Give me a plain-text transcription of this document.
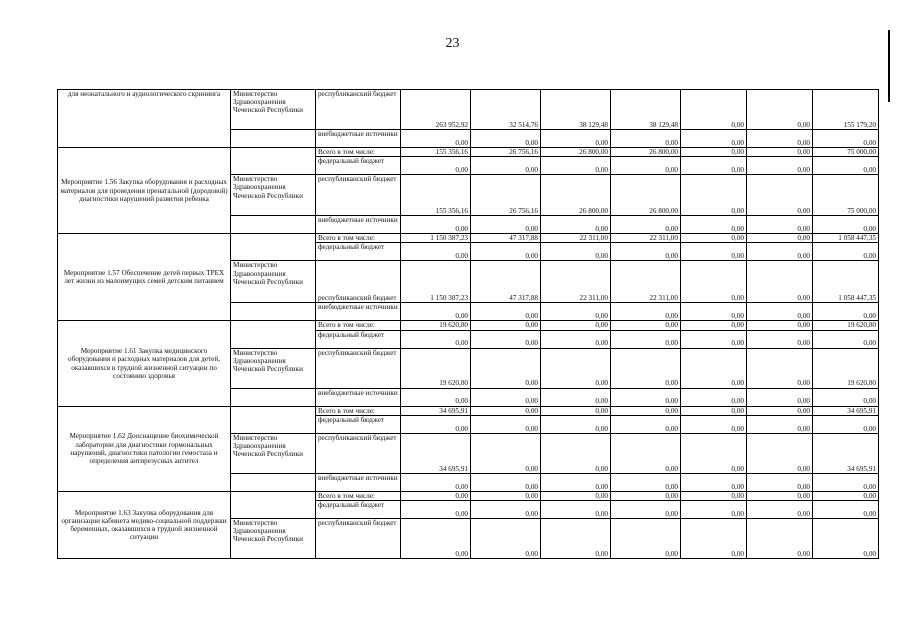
23
для неонатального и аудиологического скрининга	Министерство Здравоохранения Чеченской Республики	республиканский бюджет	263 952,92	32 514,76	38 129,48	38 129,48	0,00	0,00	155 179,20
		внебюджетные источники	0,00	0,00	0,00	0,00	0,00	0,00	0,00
Мероприятие 1.56 Закупка оборудования и расходных материалов для проведения пренатальной (дородовой) диагностики нарушений развития ребенка		Всего в том числе:	155 356,16	26 756,16	26 800,00	26 800,00	0,00	0,00	75 000,00
		федеральный бюджет	0,00	0,00	0,00	0,00	0,00	0,00	0,00
	Министерство Здравоохранения Чеченской Республики	республиканский бюджет	155 356,16	26 756,16	26 800,00	26 800,00	0,00	0,00	75 000,00
		внебюджетные источники	0,00	0,00	0,00	0,00	0,00	0,00	0,00
Мероприятие 1.57 Обеспечение детей первых ТРЕХ лет жизни из малоимущих семей детским питанием		Всего в том числе:	1 150 387,23	47 317,88	22 311,00	22 311,00	0,00	0,00	1 058 447,35
		федеральный бюджет	0,00	0,00	0,00	0,00	0,00	0,00	0,00
	Министерство Здравоохранения Чеченской Республики	республиканский бюджет	1 150 387,23	47 317,88	22 311,00	22 311,00	0,00	0,00	1 058 447,35
		внебюджетные источники	0,00	0,00	0,00	0,00	0,00	0,00	0,00
Мероприятие 1.61 Закупка медицинского оборудования и расходных материалов для детей, оказавшихся в трудной жизненной ситуации по состоянию здоровья		Всего в том числе:	19 620,80	0,00	0,00	0,00	0,00	0,00	19 620,80
		федеральный бюджет	0,00	0,00	0,00	0,00	0,00	0,00	0,00
	Министерство Здравоохранения Чеченской Республики	республиканский бюджет	19 620,80	0,00	0,00	0,00	0,00	0,00	19 620,80
		внебюджетные источники	0,00	0,00	0,00	0,00	0,00	0,00	0,00
Мероприятие 1.62 Дооснащение биохимической лаборатории для диагностики гормональных нарушений, диагностики патологии гемостаза и определения антирезусных антител		Всего в том числе:	34 695,91	0,00	0,00	0,00	0,00	0,00	34 695,91
		федеральный бюджет	0,00	0,00	0,00	0,00	0,00	0,00	0,00
	Министерство Здравоохранения Чеченской Республики	республиканский бюджет	34 695,91	0,00	0,00	0,00	0,00	0,00	34 695,91
		внебюджетные источники	0,00	0,00	0,00	0,00	0,00	0,00	0,00
Мероприятие 1.63 Закупка оборудования для организации кабинета медико-социальной поддержки беременных, оказавшихся в трудной жизненной ситуации		Всего в том числе:	0,00	0,00	0,00	0,00	0,00	0,00	0,00
		федеральный бюджет	0,00	0,00	0,00	0,00	0,00	0,00	0,00
	Министерство Здравоохранения Чеченской Республики	республиканский бюджет	0,00	0,00	0,00	0,00	0,00	0,00	0,00
